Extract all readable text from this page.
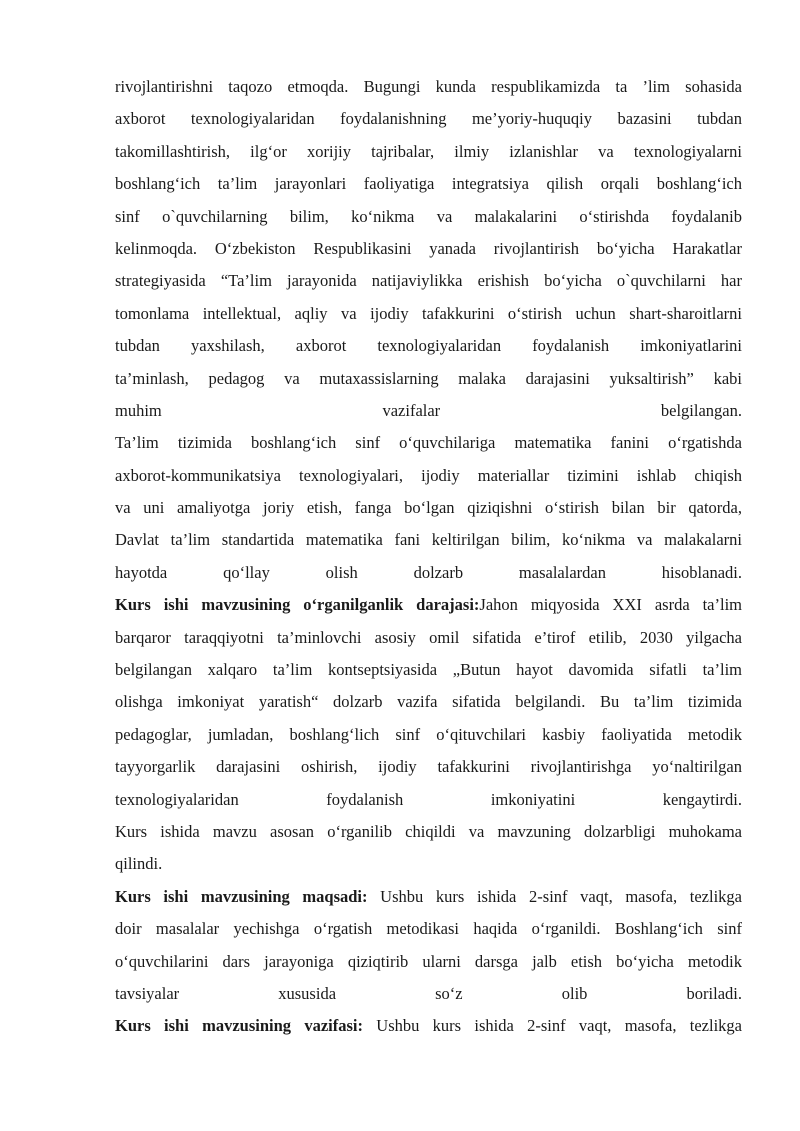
rivojlantirishni taqozo etmoqda. Bugungi kunda respublikamizda ta ’lim sohasida
axborot texnologiyalaridan foydalanishning me’yoriy-huquqiy bazasini tubdan
takomillashtirish, ilg‘or xorijiy tajribalar, ilmiy izlanishlar va texnologiyalarni
boshlang‘ich ta’lim jarayonlari faoliyatiga integratsiya qilish orqali boshlang‘ich
sinf o`quvchilarning bilim, ko‘nikma va malakalarini o‘stirishda foydalanib
kelinmoqda. O‘zbekiston Respublikasini yanada rivojlantirish bo‘yicha Harakatlar
strategiyasida “Ta’lim jarayonida natijaviylikka erishish bo‘yicha o`quvchilarni har
tomonlama intellektual, aqliy va ijodiy tafakkurini o‘stirish uchun shart-sharoitlarni
tubdan yaxshilash, axborot texnologiyalaridan foydalanish imkoniyatlarini
ta’minlash, pedagog va mutaxassislarning malaka darajasini yuksaltirish” kabi
muhim vazifalar belgilangan.
Ta’lim tizimida boshlang‘ich sinf o‘quvchilariga matematika fanini o‘rgatishda
axborot-kommunikatsiya texnologiyalari, ijodiy materiallar tizimini ishlab chiqish
va uni amaliyotga joriy etish, fanga bo‘lgan qiziqishni o‘stirish bilan bir qatorda,
Davlat ta’lim standartida matematika fani keltirilgan bilim, ko‘nikma va malakalarni
hayotda qo‘llay olish dolzarb masalalardan hisoblanadi.
Kurs ishi mavzusining o‘rganilganlik darajasi:Jahon miqyosida XXI asrda ta’lim
barqaror taraqqiyotni ta’minlovchi asosiy omil sifatida e’tirof etilib, 2030 yilgacha
belgilangan xalqaro ta’lim kontseptsiyasida „Butun hayot davomida sifatli ta’lim
olishga imkoniyat yaratish“ dolzarb vazifa sifatida belgilandi. Bu ta’lim tizimida
pedagoglar, jumladan, boshlang‘lich sinf o‘qituvchilari kasbiy faoliyatida metodik
tayyorgarlik darajasini oshirish, ijodiy tafakkurini rivojlantirishga yo‘naltirilgan
texnologiyalaridan foydalanish imkoniyatini kengaytirdi.
Kurs ishida mavzu asosan o‘rganilib chiqildi va mavzuning dolzarbligi muhokama
qilindi.
Kurs ishi mavzusining maqsadi: Ushbu kurs ishida 2-sinf vaqt, masofa, tezlikga
doir masalalar yechishga o‘rgatish metodikasi haqida o‘rganildi. Boshlang‘ich sinf
o‘quvchilarini dars jarayoniga qiziqtirib ularni darsga jalb etish bo‘yicha metodik
tavsiyalar xususida so‘z olib boriladi.
Kurs ishi mavzusining vazifasi: Ushbu kurs ishida 2-sinf vaqt, masofa, tezlikga
